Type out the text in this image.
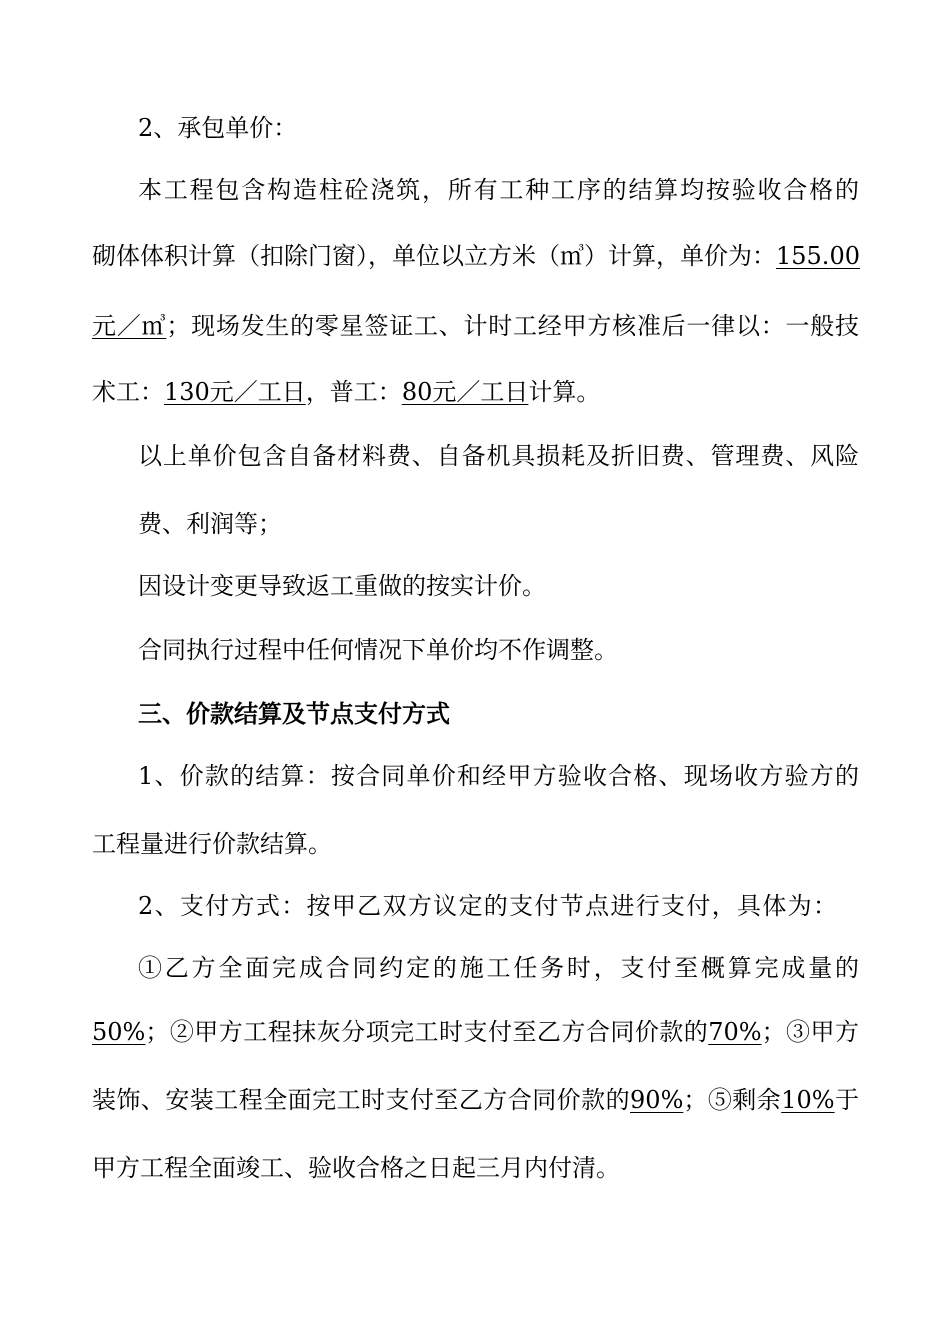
2、承包单价：
本工程包含构造柱砼浇筑，所有工种工序的结算均按验收合格的
砌体体积计算（扣除门窗），单位以立方米（㎥）计算，单价为：155.00
元／㎥；现场发生的零星签证工、计时工经甲方核准后一律以：一般技
术工：130元／工日，普工：80元／工日计算。
以上单价包含自备材料费、自备机具损耗及折旧费、管理费、风险
费、利润等；
因设计变更导致返工重做的按实计价。
合同执行过程中任何情况下单价均不作调整。
三、价款结算及节点支付方式
1、价款的结算：按合同单价和经甲方验收合格、现场收方验方的
工程量进行价款结算。
2、支付方式：按甲乙双方议定的支付节点进行支付，具体为：
①乙方全面完成合同约定的施工任务时，支付至概算完成量的
50%；②甲方工程抹灰分项完工时支付至乙方合同价款的70%；③甲方
装饰、安装工程全面完工时支付至乙方合同价款的90%；⑤剩余10%于
甲方工程全面竣工、验收合格之日起三月内付清。
